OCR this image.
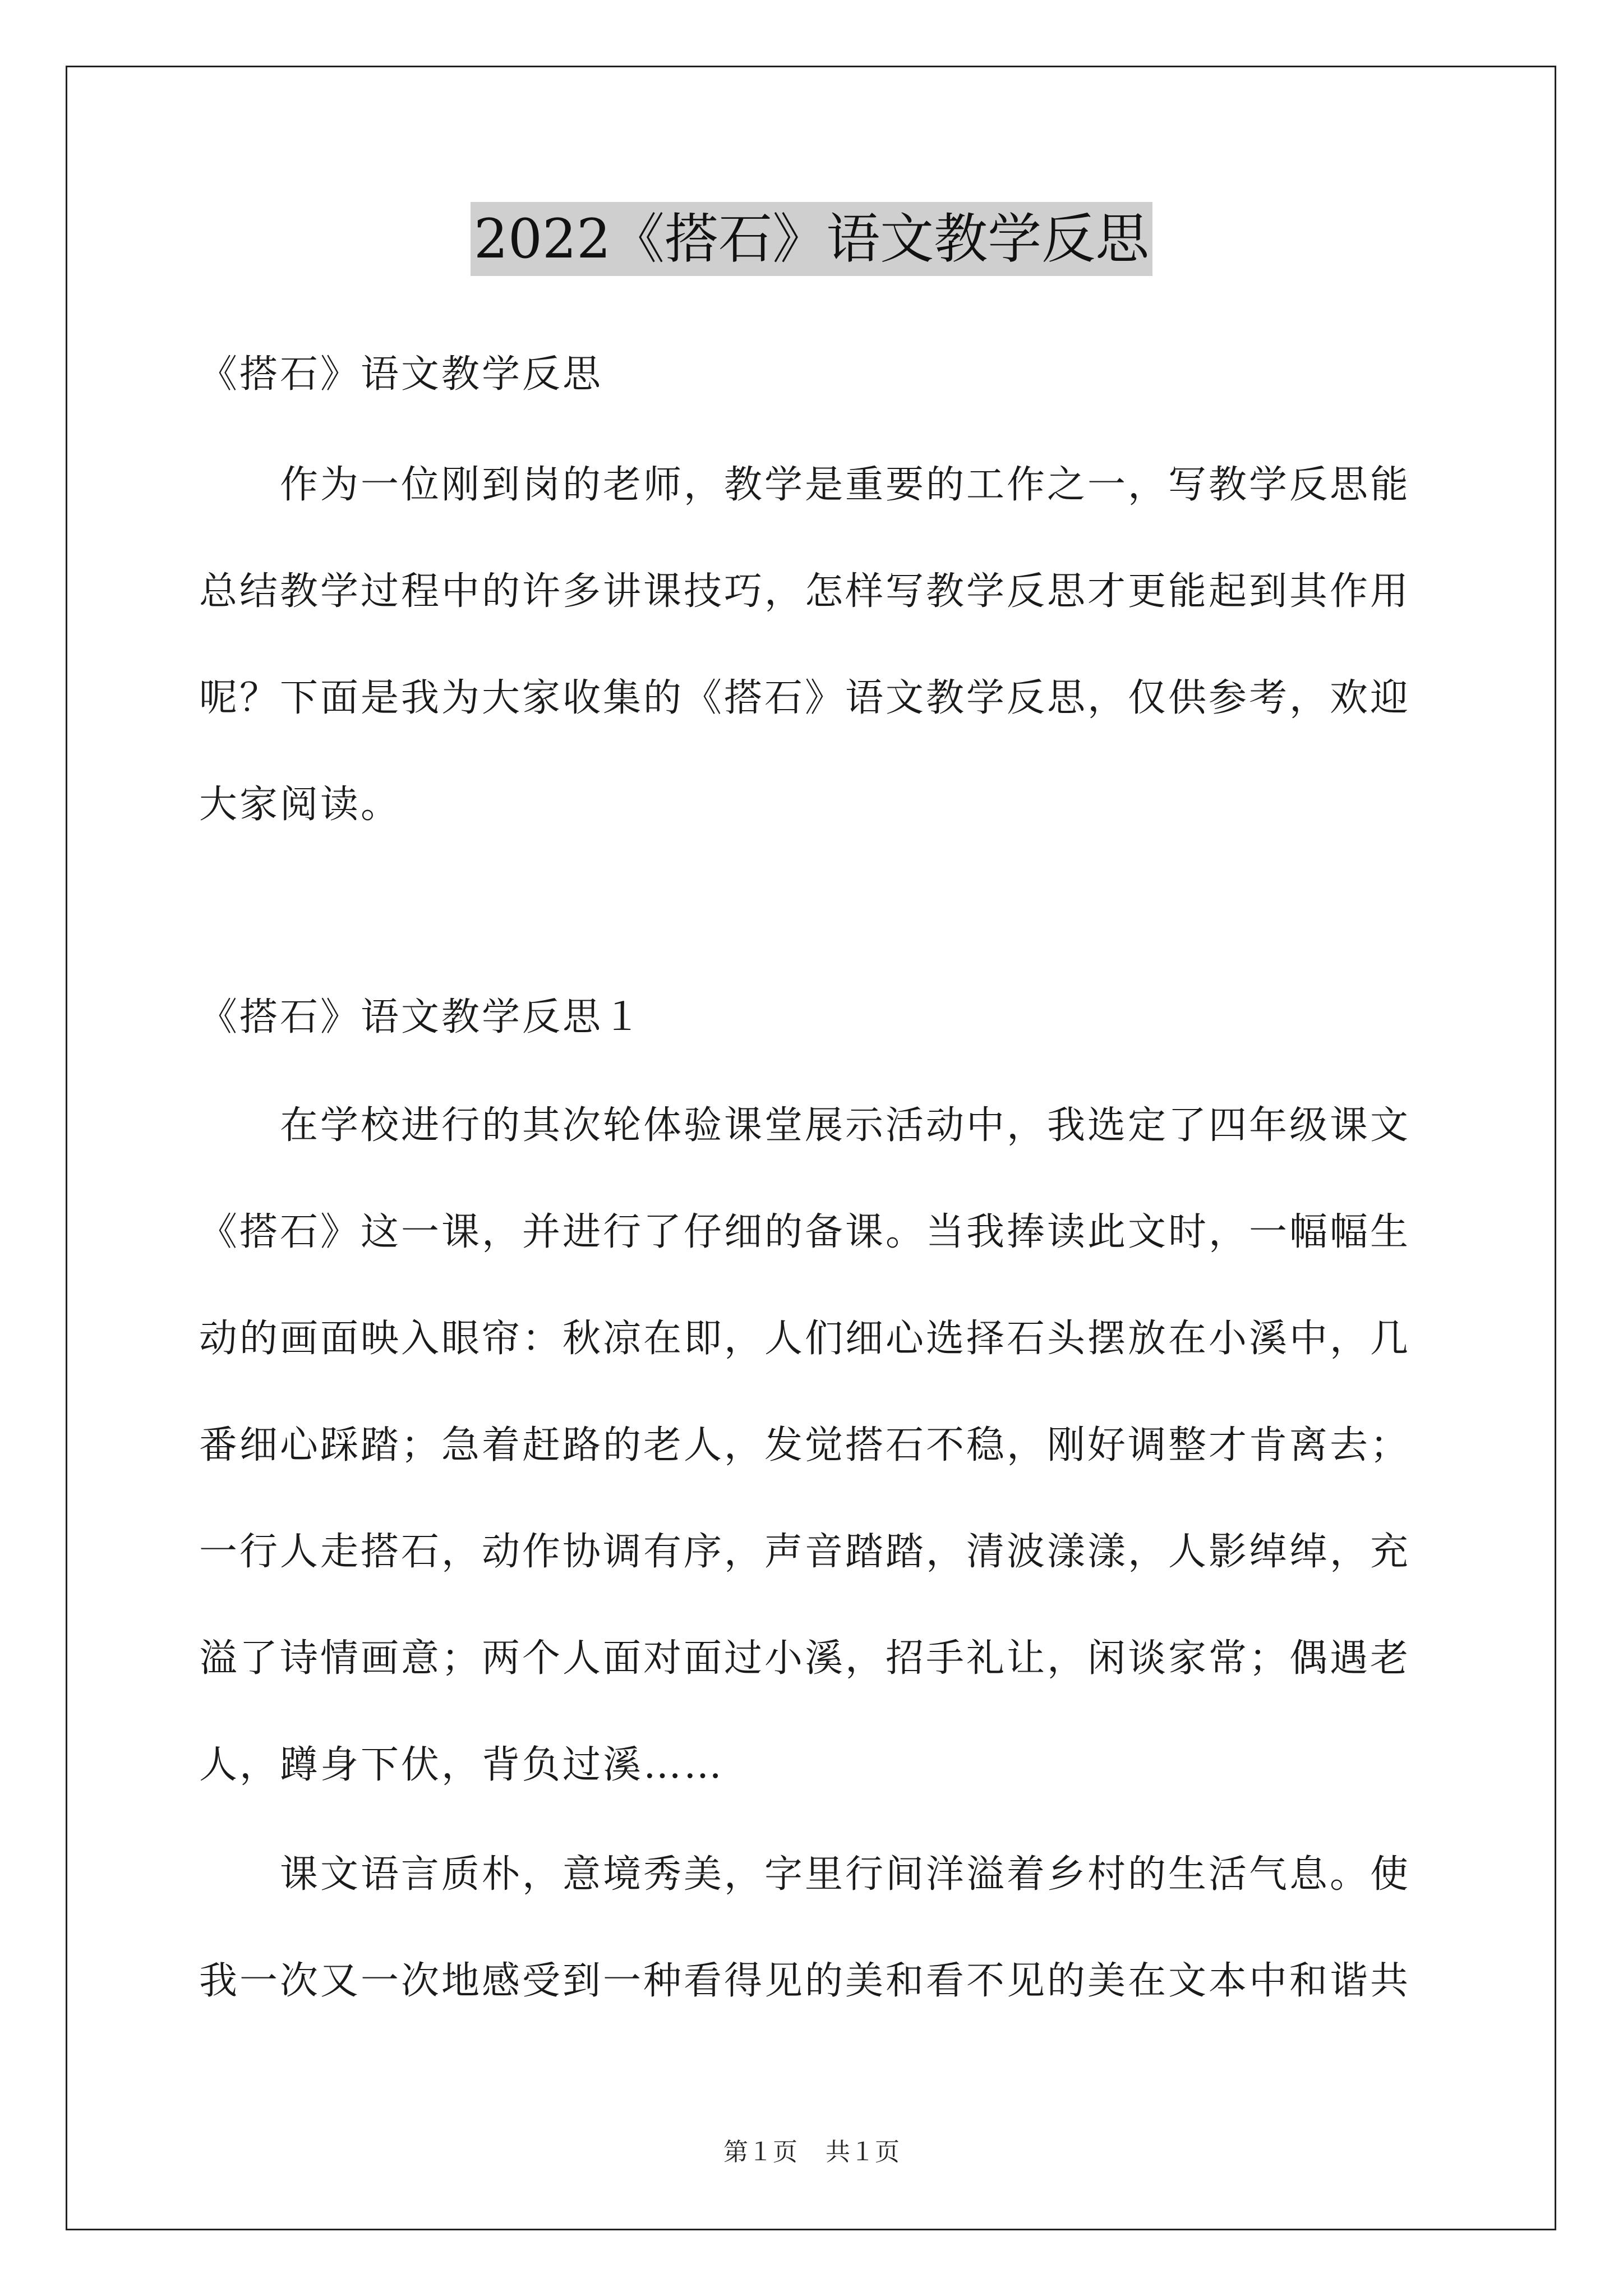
2022《搭石》语文教学反思
《搭石》语文教学反思

作为一位刚到岗的老师，教学是重要的工作之一，写教学反思能总结教学过程中的许多讲课技巧，怎样写教学反思才更能起到其作用呢？下面是我为大家收集的《搭石》语文教学反思，仅供参考，欢迎大家阅读。

《搭石》语文教学反思１

在学校进行的其次轮体验课堂展示活动中，我选定了四年级课文《搭石》这一课，并进行了仔细的备课。当我捧读此文时，一幅幅生动的画面映入眼帘：秋凉在即，人们细心选择石头摆放在小溪中，几番细心踩踏；急着赶路的老人，发觉搭石不稳，刚好调整才肯离去；一行人走搭石，动作协调有序，声音踏踏，清波漾漾，人影绰绰，充溢了诗情画意；两个人面对面过小溪，招手礼让，闲谈家常；偶遇老人，蹲身下伏，背负过溪……

课文语言质朴，意境秀美，字里行间洋溢着乡村的生活气息。使我一次又一次地感受到一种看得见的美和看不见的美在文本中和谐共

第１页 共１页
